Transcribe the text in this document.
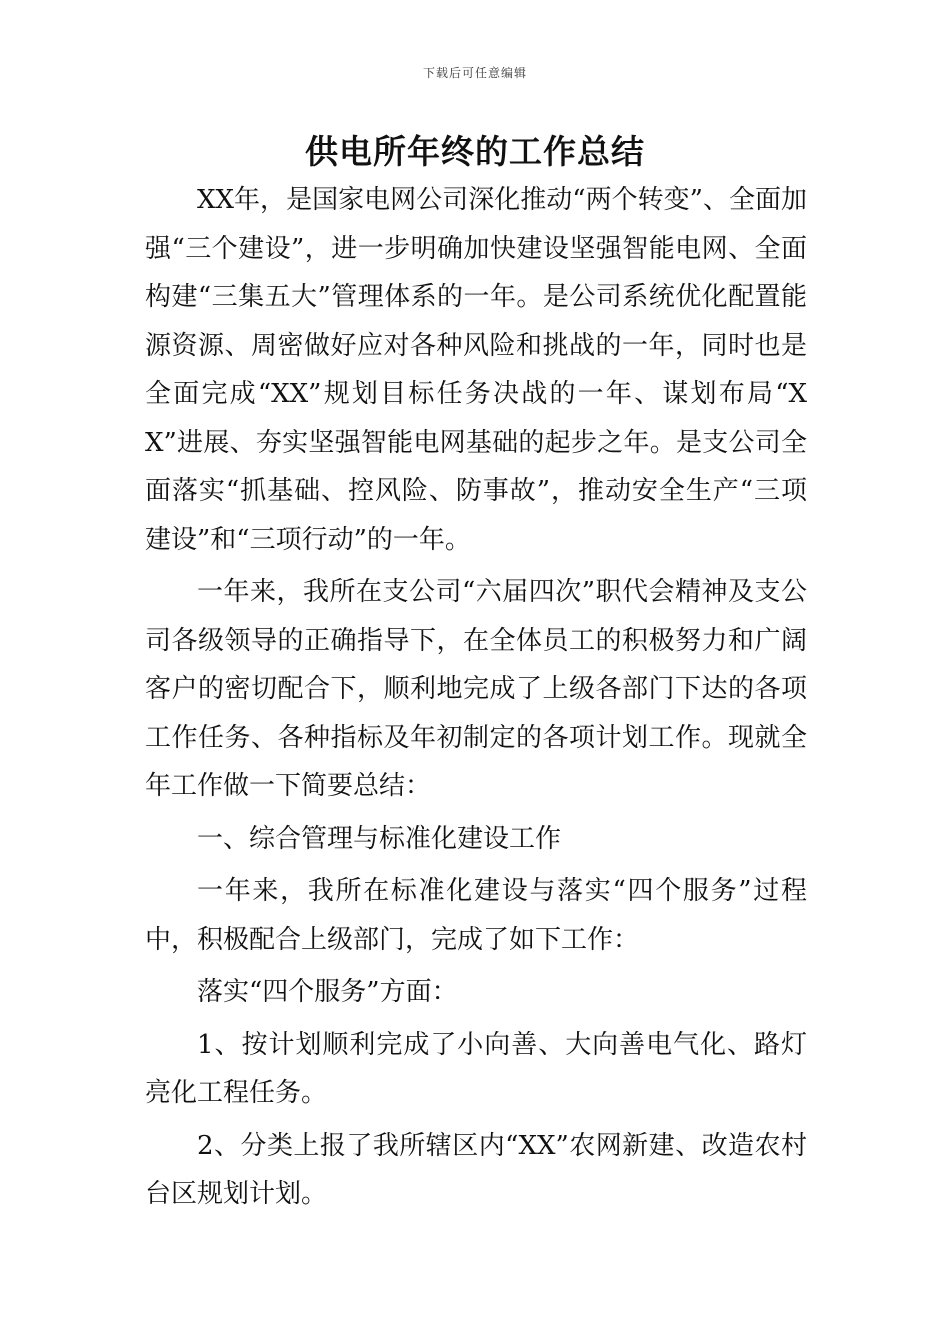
下载后可任意编辑
供电所年终的工作总结

XX年，是国家电网公司深化推动“两个转变”、全面加强“三个建设”，进一步明确加快建设坚强智能电网、全面构建“三集五大”管理体系的一年。是公司系统优化配置能源资源、周密做好应对各种风险和挑战的一年，同时也是全面完成“XX”规划目标任务决战的一年、谋划布局“XX”进展、夯实坚强智能电网基础的起步之年。是支公司全面落实“抓基础、控风险、防事故”，推动安全生产“三项建设”和“三项行动”的一年。

一年来，我所在支公司“六届四次”职代会精神及支公司各级领导的正确指导下，在全体员工的积极努力和广阔客户的密切配合下，顺利地完成了上级各部门下达的各项工作任务、各种指标及年初制定的各项计划工作。现就全年工作做一下简要总结：

一、综合管理与标准化建设工作

一年来，我所在标准化建设与落实“四个服务”过程中，积极配合上级部门，完成了如下工作：

落实“四个服务”方面：

1、按计划顺利完成了小向善、大向善电气化、路灯亮化工程任务。

2、分类上报了我所辖区内“XX”农网新建、改造农村台区规划计划。
